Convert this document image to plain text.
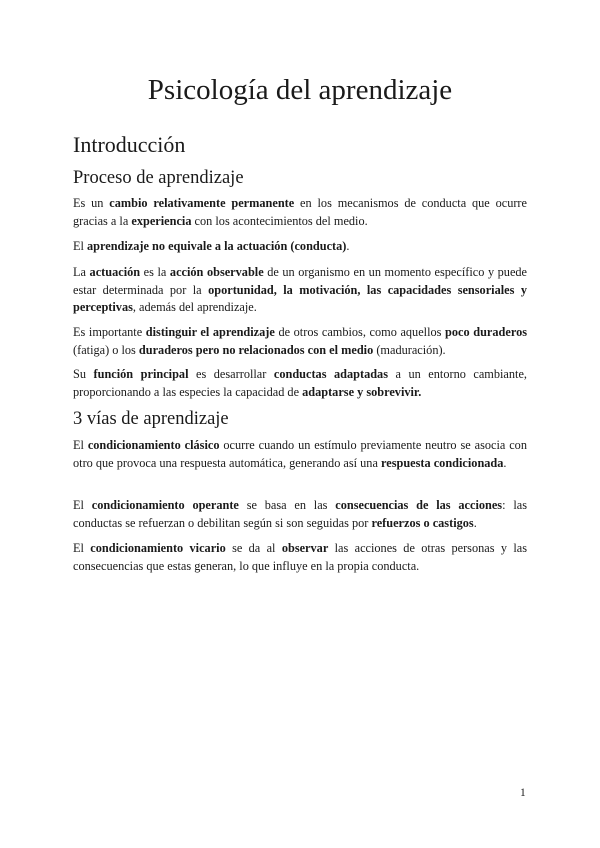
Psicología del aprendizaje
Introducción
Proceso de aprendizaje

Es un cambio relativamente permanente en los mecanismos de conducta que ocurre gracias a la experiencia con los acontecimientos del medio.

El aprendizaje no equivale a la actuación (conducta).

La actuación es la acción observable de un organismo en un momento específico y puede estar determinada por la oportunidad, la motivación, las capacidades sensoriales y perceptivas, además del aprendizaje.

Es importante distinguir el aprendizaje de otros cambios, como aquellos poco duraderos (fatiga) o los duraderos pero no relacionados con el medio (maduración).

Su función principal es desarrollar conductas adaptadas a un entorno cambiante, proporcionando a las especies la capacidad de adaptarse y sobrevivir.

3 vías de aprendizaje

El condicionamiento clásico ocurre cuando un estímulo previamente neutro se asocia con otro que provoca una respuesta automática, generando así una respuesta condicionada.

El condicionamiento operante se basa en las consecuencias de las acciones: las conductas se refuerzan o debilitan según si son seguidas por refuerzos o castigos.

El condicionamiento vicario se da al observar las acciones de otras personas y las consecuencias que estas generan, lo que influye en la propia conducta.

1
